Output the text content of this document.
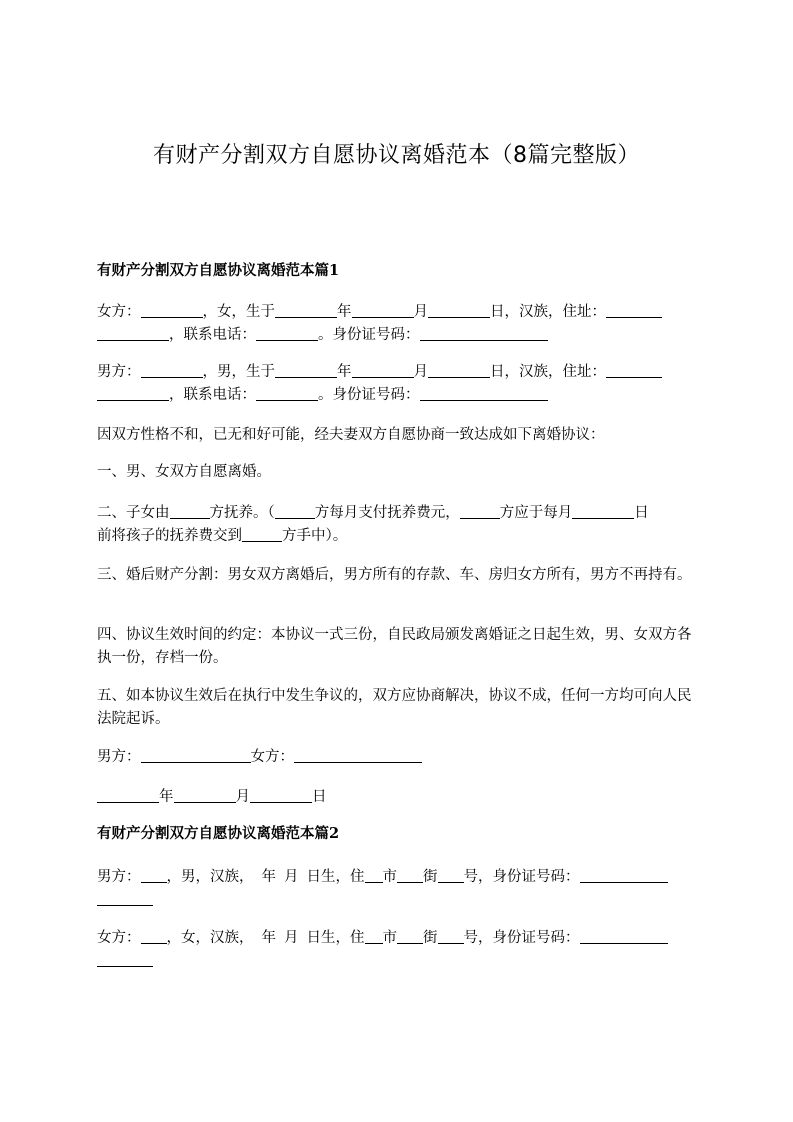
有财产分割双方自愿协议离婚范本（8篇完整版）
有财产分割双方自愿协议离婚范本篇1
女方：	，女，生于	年	月	日，汉族，住址：
，联系电话：	。身份证号码：
男方：	，男，生于	年	月	日，汉族，住址：
，联系电话：	。身份证号码：
因双方性格不和，已无和好可能，经夫妻双方自愿协商一致达成如下离婚协议：
一、男、女双方自愿离婚。
二、子女由	方抚养。（	方每月支付抚养费元，	方应于每月	日
前将孩子的抚养费交到	方手中）。
三、婚后财产分割：男女双方离婚后，男方所有的存款、车、房归女方所有，男方不再持有。
四、协议生效时间的约定：本协议一式三份，自民政局颁发离婚证之日起生效，男、女双方各执一份，存档一份。
五、如本协议生效后在执行中发生争议的，双方应协商解决，协议不成，任何一方均可向人民法院起诉。
男方：	女方：
年	月	日
有财产分割双方自愿协议离婚范本篇2
男方： ，男，汉族， 年 月 日生，住 市 街 号，身份证号码：

女方： ，女，汉族， 年 月 日生，住 市 街 号，身份证号码：
